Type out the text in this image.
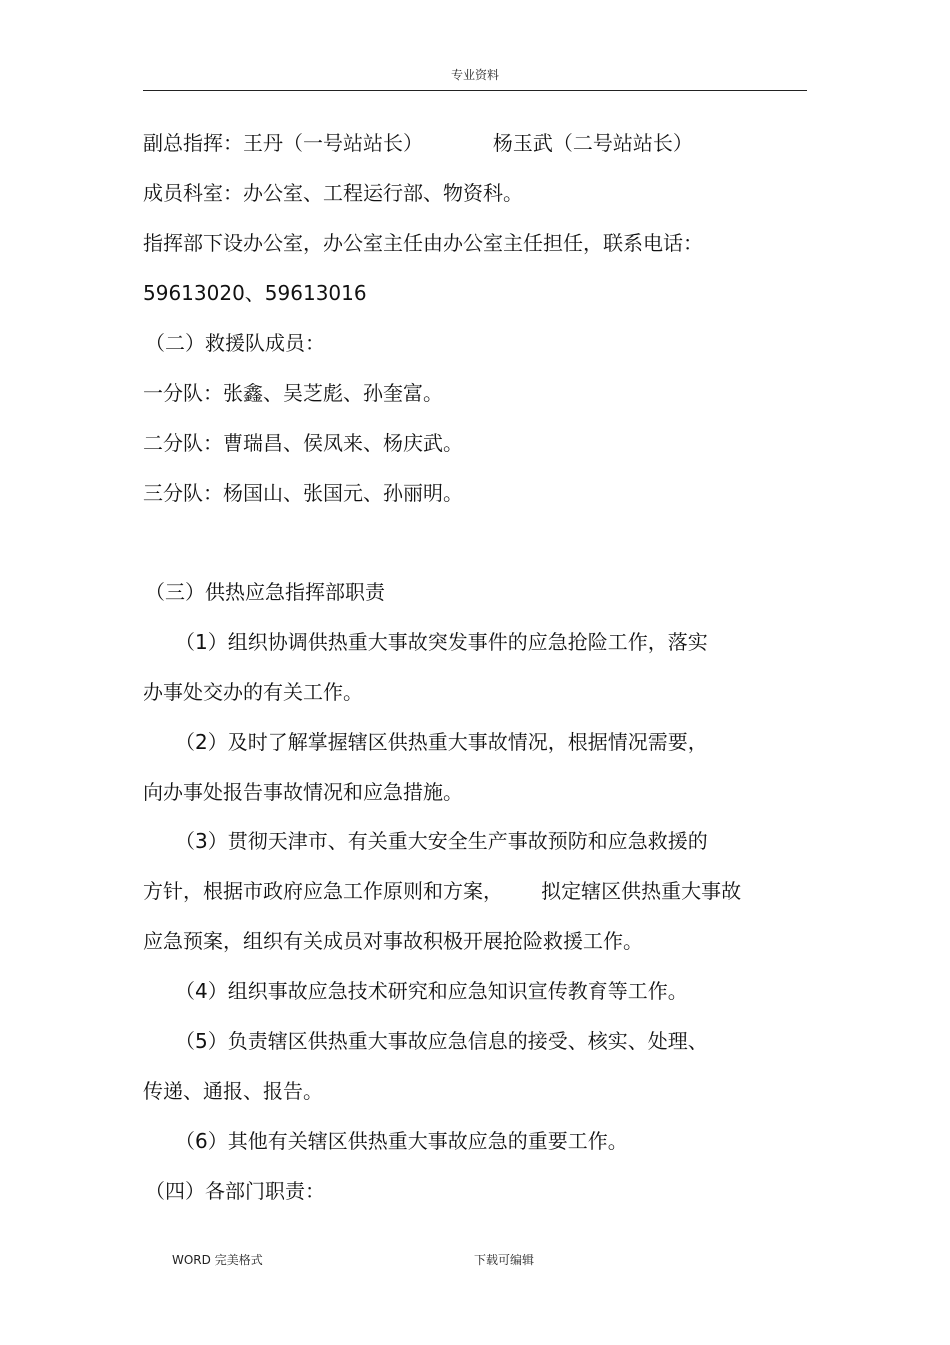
专业资料
副总指挥：王丹（一号站站长）           杨玉武（二号站站长）
成员科室：办公室、工程运行部、物资科。
指挥部下设办公室，办公室主任由办公室主任担任，联系电话：
59613020、59613016
（二）救援队成员：
一分队：张鑫、吴芝彪、孙奎富。
二分队：曹瑞昌、侯凤来、杨庆武。
三分队：杨国山、张国元、孙丽明。
（三）供热应急指挥部职责
（1）组织协调供热重大事故突发事件的应急抢险工作，落实
办事处交办的有关工作。
（2）及时了解掌握辖区供热重大事故情况，根据情况需要，
向办事处报告事故情况和应急措施。
（3）贯彻天津市、有关重大安全生产事故预防和应急救援的
方针，根据市政府应急工作原则和方案，      拟定辖区供热重大事故
应急预案，组织有关成员对事故积极开展抢险救援工作。
（4）组织事故应急技术研究和应急知识宣传教育等工作。
（5）负责辖区供热重大事故应急信息的接受、核实、处理、
传递、通报、报告。
（6）其他有关辖区供热重大事故应急的重要工作。
（四）各部门职责：
WORD 完美格式	下载可编辑
